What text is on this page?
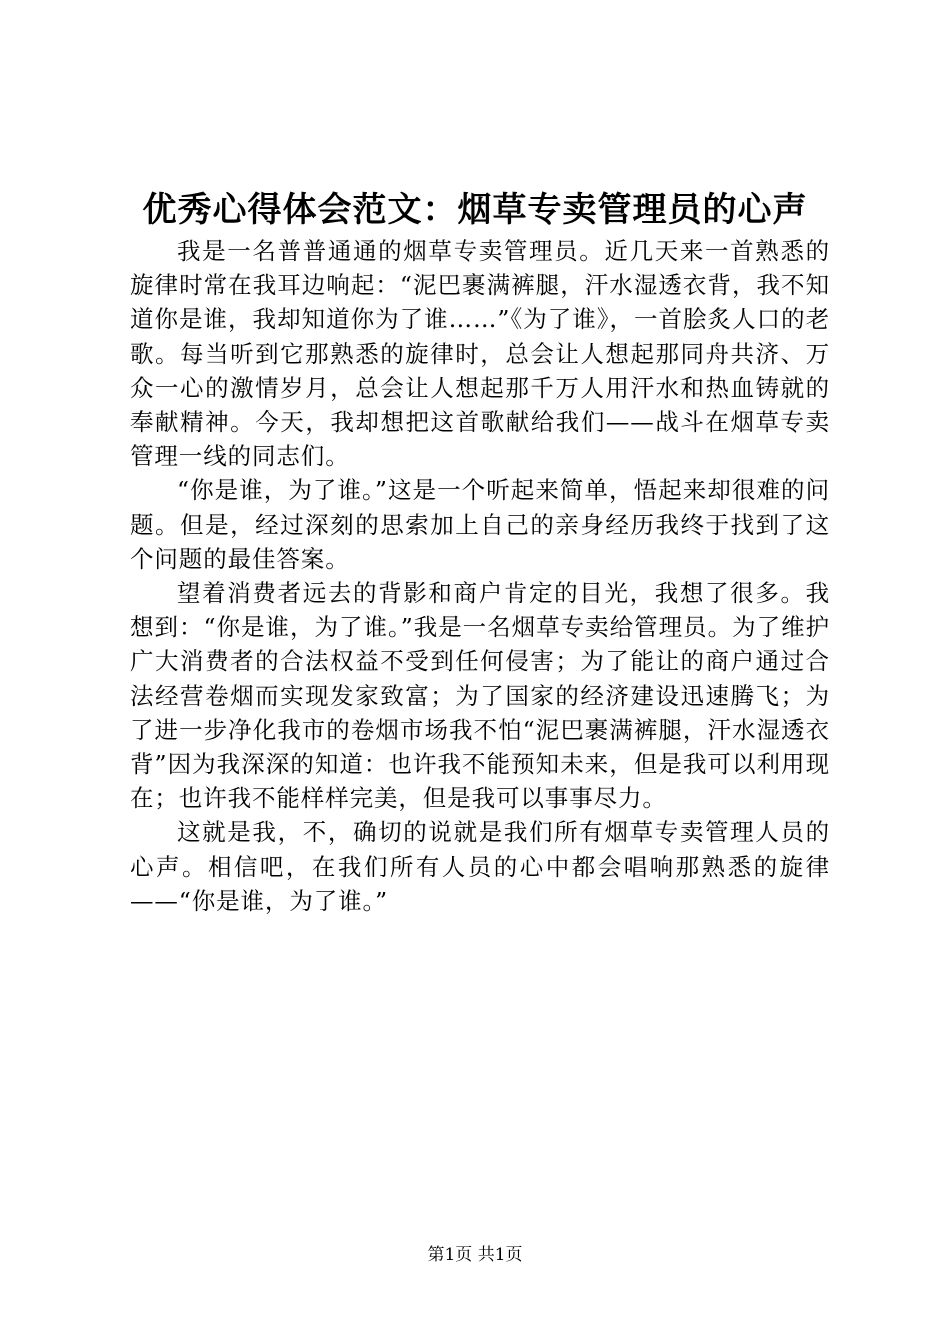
优秀心得体会范文：烟草专卖管理员的心声

我是一名普普通通的烟草专卖管理员。近几天来一首熟悉的旋律时常在我耳边响起：“泥巴裹满裤腿，汗水湿透衣背，我不知道你是谁，我却知道你为了谁……”《为了谁》，一首脍炙人口的老歌。每当听到它那熟悉的旋律时，总会让人想起那同舟共济、万众一心的激情岁月，总会让人想起那千万人用汗水和热血铸就的奉献精神。今天，我却想把这首歌献给我们——战斗在烟草专卖管理一线的同志们。

“你是谁，为了谁。”这是一个听起来简单，悟起来却很难的问题。但是，经过深刻的思索加上自己的亲身经历我终于找到了这个问题的最佳答案。

望着消费者远去的背影和商户肯定的目光，我想了很多。我想到：“你是谁，为了谁。”我是一名烟草专卖给管理员。为了维护广大消费者的合法权益不受到任何侵害；为了能让的商户通过合法经营卷烟而实现发家致富；为了国家的经济建设迅速腾飞；为了进一步净化我市的卷烟市场我不怕“泥巴裹满裤腿，汗水湿透衣背”因为我深深的知道：也许我不能预知未来，但是我可以利用现在；也许我不能样样完美，但是我可以事事尽力。

这就是我，不，确切的说就是我们所有烟草专卖管理人员的心声。相信吧，在我们所有人员的心中都会唱响那熟悉的旋律——“你是谁，为了谁。”

第1页 共1页
